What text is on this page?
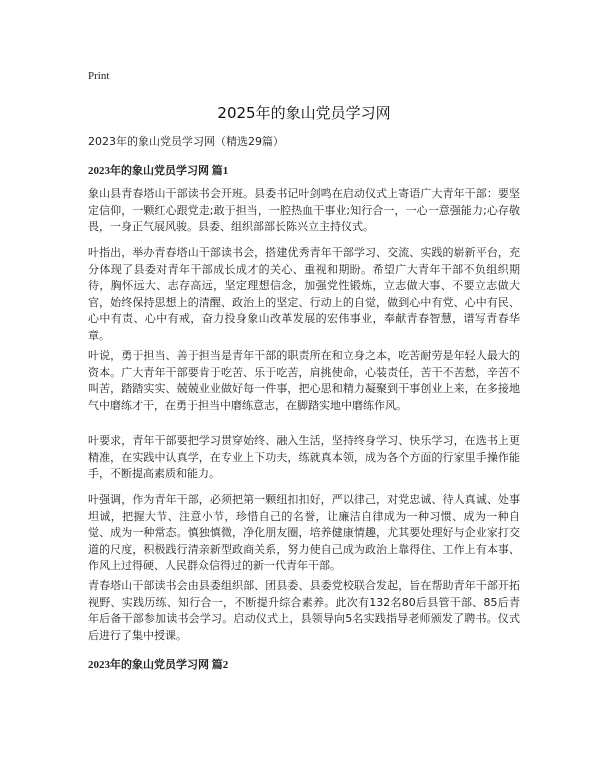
Print
2025年的象山党员学习网

2023年的象山党员学习网（精选29篇）

2023年的象山党员学习网 篇1

象山县青春塔山干部读书会开班。县委书记叶剑鸣在启动仪式上寄语广大青年干部：要坚定信仰，一颗红心跟党走;敢于担当，一腔热血干事业;知行合一，一心一意强能力;心存敬畏，一身正气展风骏。县委、组织部部长陈兴立主持仪式。

叶指出，举办青春塔山干部读书会，搭建优秀青年干部学习、交流、实践的崭新平台，充分体现了县委对青年干部成长成才的关心、重视和期盼。希望广大青年干部不负组织期待，胸怀远大、志存高远，坚定理想信念，加强党性锻炼，立志做大事、不要立志做大官，始终保持思想上的清醒、政治上的坚定、行动上的自觉，做到心中有党、心中有民、心中有责、心中有戒，奋力投身象山改革发展的宏伟事业，奉献青春智慧，谱写青春华章。

叶说，勇于担当、善于担当是青年干部的职责所在和立身之本，吃苦耐劳是年轻人最大的资本。广大青年干部要肯于吃苦、乐于吃苦，肩挑使命，心装责任，苦干不苦愁，辛苦不叫苦，踏踏实实、兢兢业业做好每一件事，把心思和精力凝聚到干事创业上来，在多接地气中磨练才干，在勇于担当中磨练意志，在脚踏实地中磨练作风。

叶要求，青年干部要把学习贯穿始终、融入生活，坚持终身学习、快乐学习，在选书上更精准，在实践中认真学，在专业上下功夫，练就真本领，成为各个方面的行家里手操作能手，不断提高素质和能力。

叶强调，作为青年干部，必须把第一颗纽扣扣好，严以律己，对党忠诚、待人真诚、处事坦诚，把握大节、注意小节，珍惜自己的名誉，让廉洁自律成为一种习惯、成为一种自觉、成为一种常态。慎独慎微，净化朋友圈，培养健康情趣，尤其要处理好与企业家打交道的尺度，积极践行清亲新型政商关系，努力使自己成为政治上靠得住、工作上有本事、作风上过得硬、人民群众信得过的新一代青年干部。

青春塔山干部读书会由县委组织部、团县委、县委党校联合发起，旨在帮助青年干部开拓视野、实践历练、知行合一，不断提升综合素养。此次有132名80后县管干部、85后青年后备干部参加读书会学习。启动仪式上，县领导向5名实践指导老师颁发了聘书。仪式后进行了集中授课。

2023年的象山党员学习网 篇2
